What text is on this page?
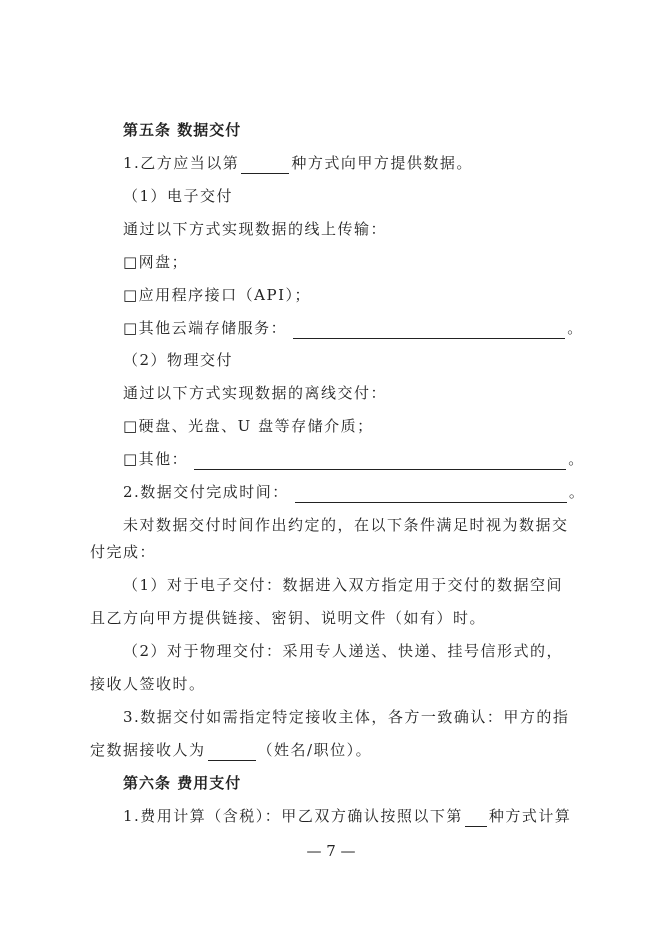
第五条 数据交付
1.乙方应当以第	种方式向甲方提供数据。
（1）电子交付
通过以下方式实现数据的线上传输：
□网盘；
□应用程序接口（API）；
□其他云端存储服务：	。
（2）物理交付
通过以下方式实现数据的离线交付：
□硬盘、光盘、U 盘等存储介质；
□其他：	。
2.数据交付完成时间：	。
未对数据交付时间作出约定的，在以下条件满足时视为数据交
付完成：
（1）对于电子交付：数据进入双方指定用于交付的数据空间
且乙方向甲方提供链接、密钥、说明文件（如有）时。
（2）对于物理交付：采用专人递送、快递、挂号信形式的，
接收人签收时。
3.数据交付如需指定特定接收主体，各方一致确认：甲方的指
定数据接收人为	（姓名/职位）。
第六条 费用支付
1.费用计算（含税）：甲乙双方确认按照以下第 种方式计算
— 7 —
